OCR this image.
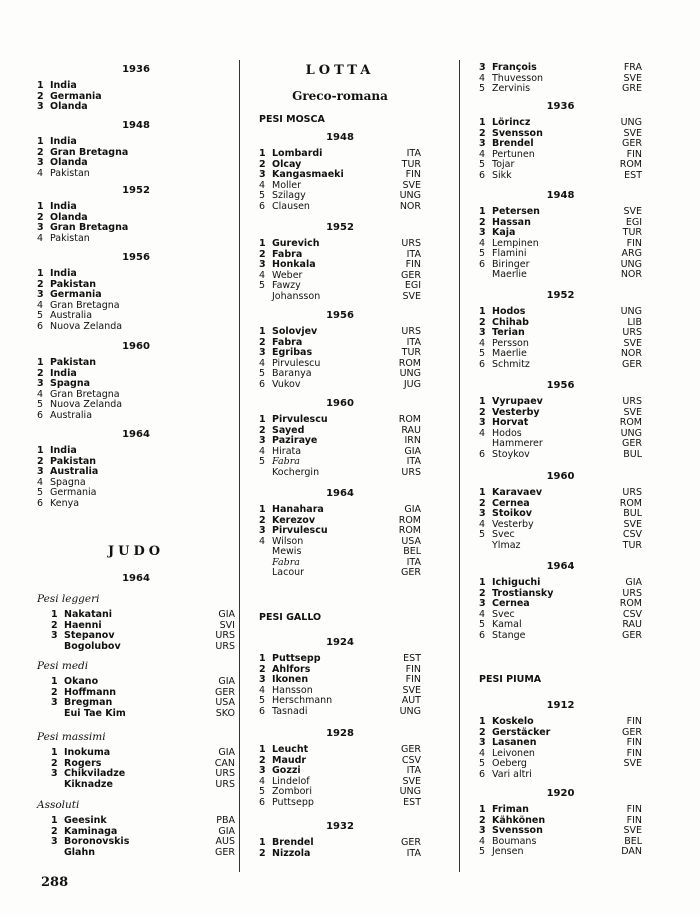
1936
1 India
2 Germania
3 Olanda
1948
1 India
2 Gran Bretagna
3 Olanda
4 Pakistan
1952
1 India
2 Olanda
3 Gran Bretagna
4 Pakistan
1956
1 India
2 Pakistan
3 Germania
4 Gran Bretagna
5 Australia
6 Nuova Zelanda
1960
1 Pakistan
2 India
3 Spagna
4 Gran Bretagna
5 Nuova Zelanda
6 Australia
1964
1 India
2 Pakistan
3 Australia
4 Spagna
5 Germania
6 Kenya
JUDO
1964
Pesi leggeri
1 Nakatani	GIA
2 Haenni	SVI
3 Stepanov	URS
Bogolubov	URS
Pesi medi
1 Okano	GIA
2 Hoffmann	GER
3 Bregman	USA
Eui Tae Kim	SKO
Pesi massimi
1 Inokuma	GIA
2 Rogers	CAN
3 Chikviladze	URS
Kiknadze	URS
Assoluti
1 Geesink	PBA
2 Kaminaga	GIA
3 Boronovskis	AUS
Glahn	GER
LOTTA
Greco-romana
PESI MOSCA
1948
1 Lombardi	ITA
2 Olcay	TUR
3 Kangasmaeki	FIN
4 Moller	SVE
5 Szilagy	UNG
6 Clausen	NOR
1952
1 Gurevich	URS
2 Fabra	ITA
3 Honkala	FIN
4 Weber	GER
5 Fawzy	EGI
Johansson	SVE
1956
1 Solovjev	URS
2 Fabra	ITA
3 Egribas	TUR
4 Pirvulescu	ROM
5 Baranya	UNG
6 Vukov	JUG
1960
1 Pirvulescu	ROM
2 Sayed	RAU
3 Paziraye	IRN
4 Hirata	GIA
5 Fabra	ITA
Kochergin	URS
1964
1 Hanahara	GIA
2 Kerezov	ROM
3 Pirvulescu	ROM
4 Wilson	USA
Mewis	BEL
Fabra	ITA
Lacour	GER
PESI GALLO
1924
1 Puttsepp	EST
2 Ahlfors	FIN
3 Ikonen	FIN
4 Hansson	SVE
5 Herschmann	AUT
6 Tasnadi	UNG
1928
1 Leucht	GER
2 Maudr	CSV
3 Gozzi	ITA
4 Lindelof	SVE
5 Zombori	UNG
6 Puttsepp	EST
1932
1 Brendel	GER
2 Nizzola	ITA
3 François	FRA
4 Thuvesson	SVE
5 Zervinis	GRE
1936
1 Lörincz	UNG
2 Svensson	SVE
3 Brendel	GER
4 Pertunen	FIN
5 Tojar	ROM
6 Sikk	EST
1948
1 Petersen	SVE
2 Hassan	EGI
3 Kaja	TUR
4 Lempinen	FIN
5 Flamini	ARG
6 Biringer	UNG
Maerlie	NOR
1952
1 Hodos	UNG
2 Chihab	LIB
3 Terian	URS
4 Persson	SVE
5 Maerlie	NOR
6 Schmitz	GER
1956
1 Vyrupaev	URS
2 Vesterby	SVE
3 Horvat	ROM
4 Hodos	UNG
Hammerer	GER
6 Stoykov	BUL
1960
1 Karavaev	URS
2 Cernea	ROM
3 Stoikov	BUL
4 Vesterby	SVE
5 Svec	CSV
Ylmaz	TUR
1964
1 Ichiguchi	GIA
2 Trostiansky	URS
3 Cernea	ROM
4 Svec	CSV
5 Kamal	RAU
6 Stange	GER
PESI PIUMA
1912
1 Koskelo	FIN
2 Gerstäcker	GER
3 Lasanen	FIN
4 Leivonen	FIN
5 Oeberg	SVE
6 Vari altri
1920
1 Friman	FIN
2 Kähkönen	FIN
3 Svensson	SVE
4 Boumans	BEL
5 Jensen	DAN
288
